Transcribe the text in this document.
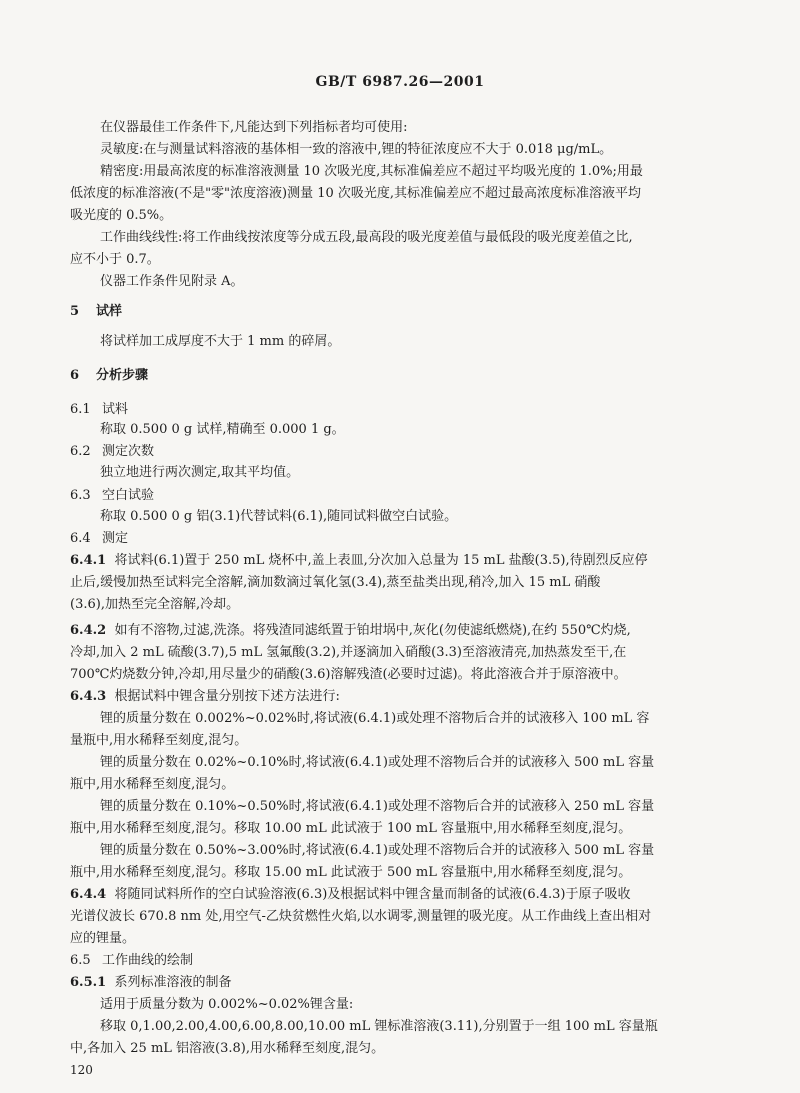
GB/T 6987.26—2001
在仪器最佳工作条件下,凡能达到下列指标者均可使用:
灵敏度:在与测量试料溶液的基体相一致的溶液中,锂的特征浓度应不大于 0.018 μg/mL。
精密度:用最高浓度的标准溶液测量 10 次吸光度,其标准偏差应不超过平均吸光度的 1.0%;用最
低浓度的标准溶液(不是"零"浓度溶液)测量 10 次吸光度,其标准偏差应不超过最高浓度标准溶液平均
吸光度的 0.5%。
工作曲线线性:将工作曲线按浓度等分成五段,最高段的吸光度差值与最低段的吸光度差值之比,
应不小于 0.7。
仪器工作条件见附录 A。
5 试样
将试样加工成厚度不大于 1 mm 的碎屑。
6 分析步骤
6.1 试料
称取 0.500 0 g 试样,精确至 0.000 1 g。
6.2 测定次数
独立地进行两次测定,取其平均值。
6.3 空白试验
称取 0.500 0 g 铝(3.1)代替试料(6.1),随同试料做空白试验。
6.4 测定
6.4.1 将试料(6.1)置于 250 mL 烧杯中,盖上表皿,分次加入总量为 15 mL 盐酸(3.5),待剧烈反应停
止后,缓慢加热至试料完全溶解,滴加数滴过氧化氢(3.4),蒸至盐类出现,稍冷,加入 15 mL 硝酸
(3.6),加热至完全溶解,冷却。
6.4.2 如有不溶物,过滤,洗涤。将残渣同滤纸置于铂坩埚中,灰化(勿使滤纸燃烧),在约 550℃灼烧,
冷却,加入 2 mL 硫酸(3.7),5 mL 氢氟酸(3.2),并逐滴加入硝酸(3.3)至溶液清亮,加热蒸发至干,在
700℃灼烧数分钟,冷却,用尽量少的硝酸(3.6)溶解残渣(必要时过滤)。将此溶液合并于原溶液中。
6.4.3 根据试料中锂含量分别按下述方法进行:
锂的质量分数在 0.002%~0.02%时,将试液(6.4.1)或处理不溶物后合并的试液移入 100 mL 容
量瓶中,用水稀释至刻度,混匀。
锂的质量分数在 0.02%~0.10%时,将试液(6.4.1)或处理不溶物后合并的试液移入 500 mL 容量
瓶中,用水稀释至刻度,混匀。
锂的质量分数在 0.10%~0.50%时,将试液(6.4.1)或处理不溶物后合并的试液移入 250 mL 容量
瓶中,用水稀释至刻度,混匀。移取 10.00 mL 此试液于 100 mL 容量瓶中,用水稀释至刻度,混匀。
锂的质量分数在 0.50%~3.00%时,将试液(6.4.1)或处理不溶物后合并的试液移入 500 mL 容量
瓶中,用水稀释至刻度,混匀。移取 15.00 mL 此试液于 500 mL 容量瓶中,用水稀释至刻度,混匀。
6.4.4 将随同试料所作的空白试验溶液(6.3)及根据试料中锂含量而制备的试液(6.4.3)于原子吸收
光谱仪波长 670.8 nm 处,用空气-乙炔贫燃性火焰,以水调零,测量锂的吸光度。从工作曲线上查出相对
应的锂量。
6.5 工作曲线的绘制
6.5.1 系列标准溶液的制备
适用于质量分数为 0.002%~0.02%锂含量:
移取 0,1.00,2.00,4.00,6.00,8.00,10.00 mL 锂标准溶液(3.11),分别置于一组 100 mL 容量瓶
中,各加入 25 mL 铝溶液(3.8),用水稀释至刻度,混匀。
120
